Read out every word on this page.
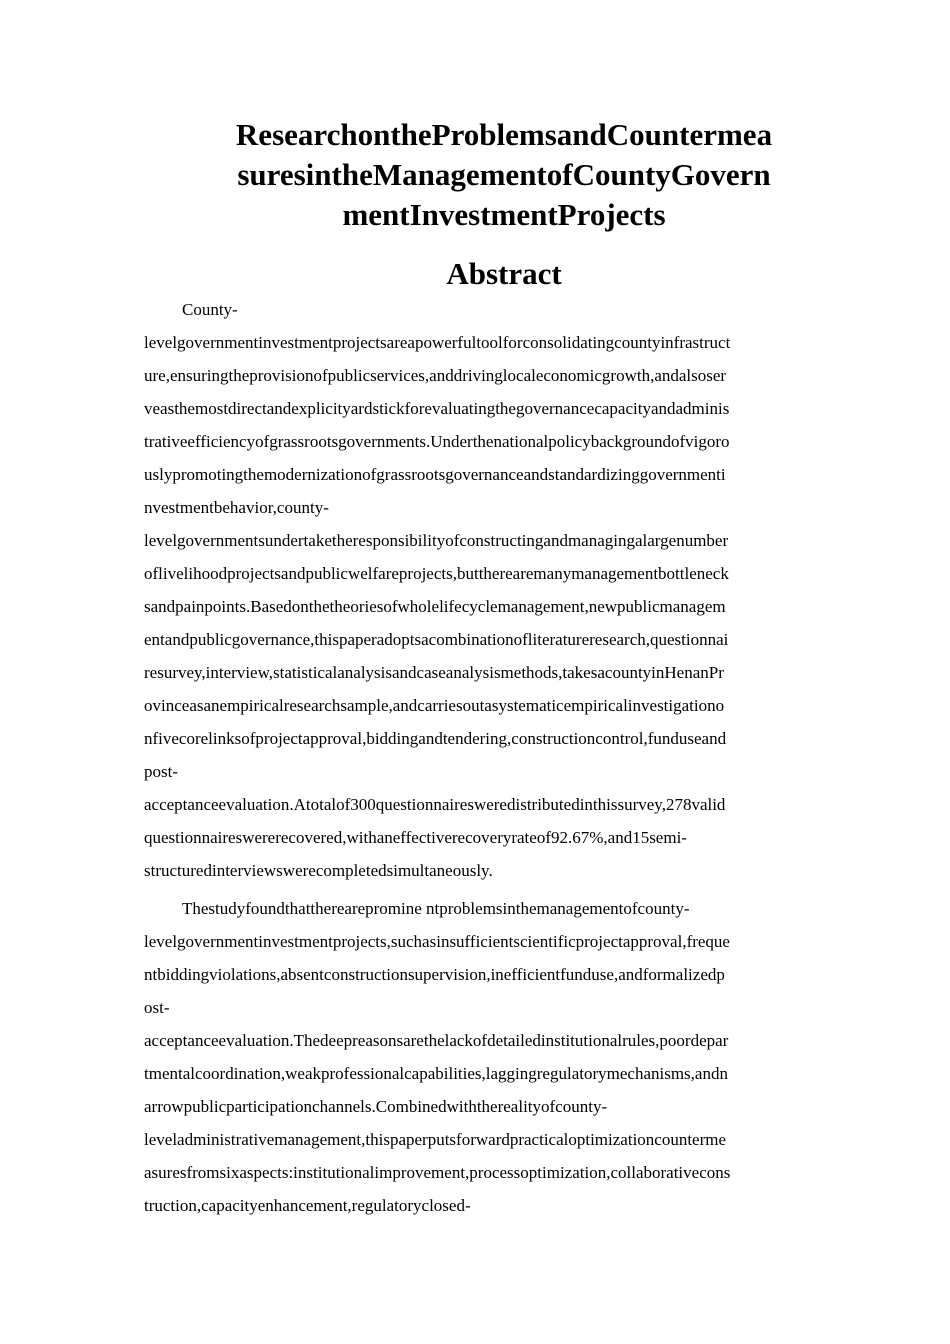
ResearchontheProblemsandCountermea
suresintheManagementofCountyGovern
mentInvestmentProjects
Abstract
County-
levelgovernmentinvestmentprojectsareapowerfultoolforconsolidatingcountyinfrastruct
ure,ensuringtheprovisionofpublicservices,anddrivinglocaleconomicgrowth,andalsoser
veasthemostdirectandexplicityardstickforevaluatingthegovernancecapacityandadminis
trativeefficiencyofgrassrootsgovernments.Underthenationalpolicybackgroundofvigoro
uslypromotingthemodernizationofgrassrootsgovernanceandstandardizinggovernmenti
nvestmentbehavior,county-
levelgovernmentsundertaketheresponsibilityofconstructingandmanagingalargenumber
oflivelihoodprojectsandpublicwelfareprojects,buttherearemanymanagementbottleneck
sandpainpoints.Basedonthetheoriesofwholelifecyclemanagement,newpublicmanagem
entandpublicgovernance,thispaperadoptsacombinationofliteratureresearch,questionnai
resurvey,interview,statisticalanalysisandcaseanalysismethods,takesacountyinHenanPr
ovinceasanempiricalresearchsample,andcarriesoutasystematicempiricalinvestigationo
nfivecorelinksofprojectapproval,biddingandtendering,constructioncontrol,funduseand
post-
acceptanceevaluation.Atotalof300questionnairesweredistributedinthissurvey,278valid
questionnaireswererecovered,withaneffectiverecoveryrateof92.67%,and15semi-
structuredinterviewswerecompletedsimultaneously.
Thestudyfoundthattherearepromine ntproblemsinthemanagementofcounty-
levelgovernmentinvestmentprojects,suchasinsufficientscientificprojectapproval,freque
ntbiddingviolations,absentconstructionsupervision,inefficientfunduse,andformalizedp
ost-
acceptanceevaluation.Thedeepreasonsarethelackofdetailedinstitutionalrules,poordepar
tmentalcoordination,weakprofessionalcapabilities,laggingregulatorymechanisms,andn
arrowpublicparticipationchannels.Combinedwiththerealityofcounty-
leveladministrativemanagement,thispaperputsforwardpracticaloptimizationcounterme
asuresfromsixaspects:institutionalimprovement,processoptimization,collaborativecons
truction,capacityenhancement,regulatoryclosed-
